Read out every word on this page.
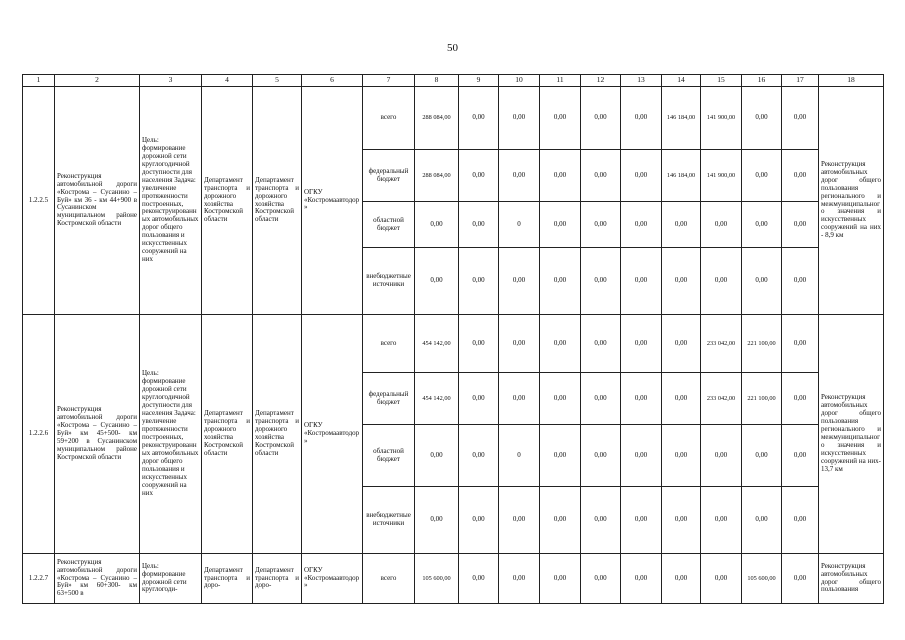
50
1	2	3	4	5	6	7	8	9	10	11	12	13	14	15	16	17	18
1.2.2.5	Реконструкция автомобильной дороги «Кострома – Сусанино – Буй» км 36 - км 44+900 в Сусанинском муниципальном районе Костромской области	Цель: формирование дорожной сети круглогодичной доступности для населения Задача: увеличение протяженности построенных, реконструированных автомобильных дорог общего пользования и искусственных сооружений на них	Департамент транспорта и дорожного хозяйства Костромской области	Департамент транспорта и дорожного хозяйства Костромской области	ОГКУ «Костромаавтодор»	всего	288 084,00	0,00	0,00	0,00	0,00	0,00	146 184,00	141 900,00	0,00	0,00	Реконструкция автомобильных дорог общего пользования регионального и межмуниципального значения и искусственных сооружений на них - 8,9 км
						федеральный бюджет	288 084,00	0,00	0,00	0,00	0,00	0,00	146 184,00	141 900,00	0,00	0,00	
						областной бюджет	0,00	0,00	0	0,00	0,00	0,00	0,00	0,00	0,00	0,00	
						внебюджетные источники	0,00	0,00	0,00	0,00	0,00	0,00	0,00	0,00	0,00	0,00	
1.2.2.6	Реконструкция автомобильной дороги «Кострома – Сусанино – Буй» км 45+500- км 59+200 в Сусанинском муниципальном районе Костромской области	Цель: формирование дорожной сети круглогодичной доступности для населения Задача: увеличение протяженности построенных, реконструированных автомобильных дорог общего пользования и искусственных сооружений на них	Департамент транспорта и дорожного хозяйства Костромской области	Департамент транспорта и дорожного хозяйства Костромской области	ОГКУ «Костромаавтодор»	всего	454 142,00	0,00	0,00	0,00	0,00	0,00	0,00	233 042,00	221 100,00	0,00	Реконструкция автомобильных дорог общего пользования регионального и межмуниципального значения и искусственных сооружений на них- 13,7 км
						федеральный бюджет	454 142,00	0,00	0,00	0,00	0,00	0,00	0,00	233 042,00	221 100,00	0,00	
						областной бюджет	0,00	0,00	0	0,00	0,00	0,00	0,00	0,00	0,00	0,00	
						внебюджетные источники	0,00	0,00	0,00	0,00	0,00	0,00	0,00	0,00	0,00	0,00	
1.2.2.7	Реконструкция автомобильной дороги «Кострома – Сусанино – Буй» км 60+300- км 63+500 в	Цель: формирование дорожной сети круглогоди-	Департамент транспорта и доро-	Департамент транспорта и доро-	ОГКУ «Костромаавтодор»	всего	105 600,00	0,00	0,00	0,00	0,00	0,00	0,00	0,00	105 600,00	0,00	Реконструкция автомобильных дорог общего пользования
